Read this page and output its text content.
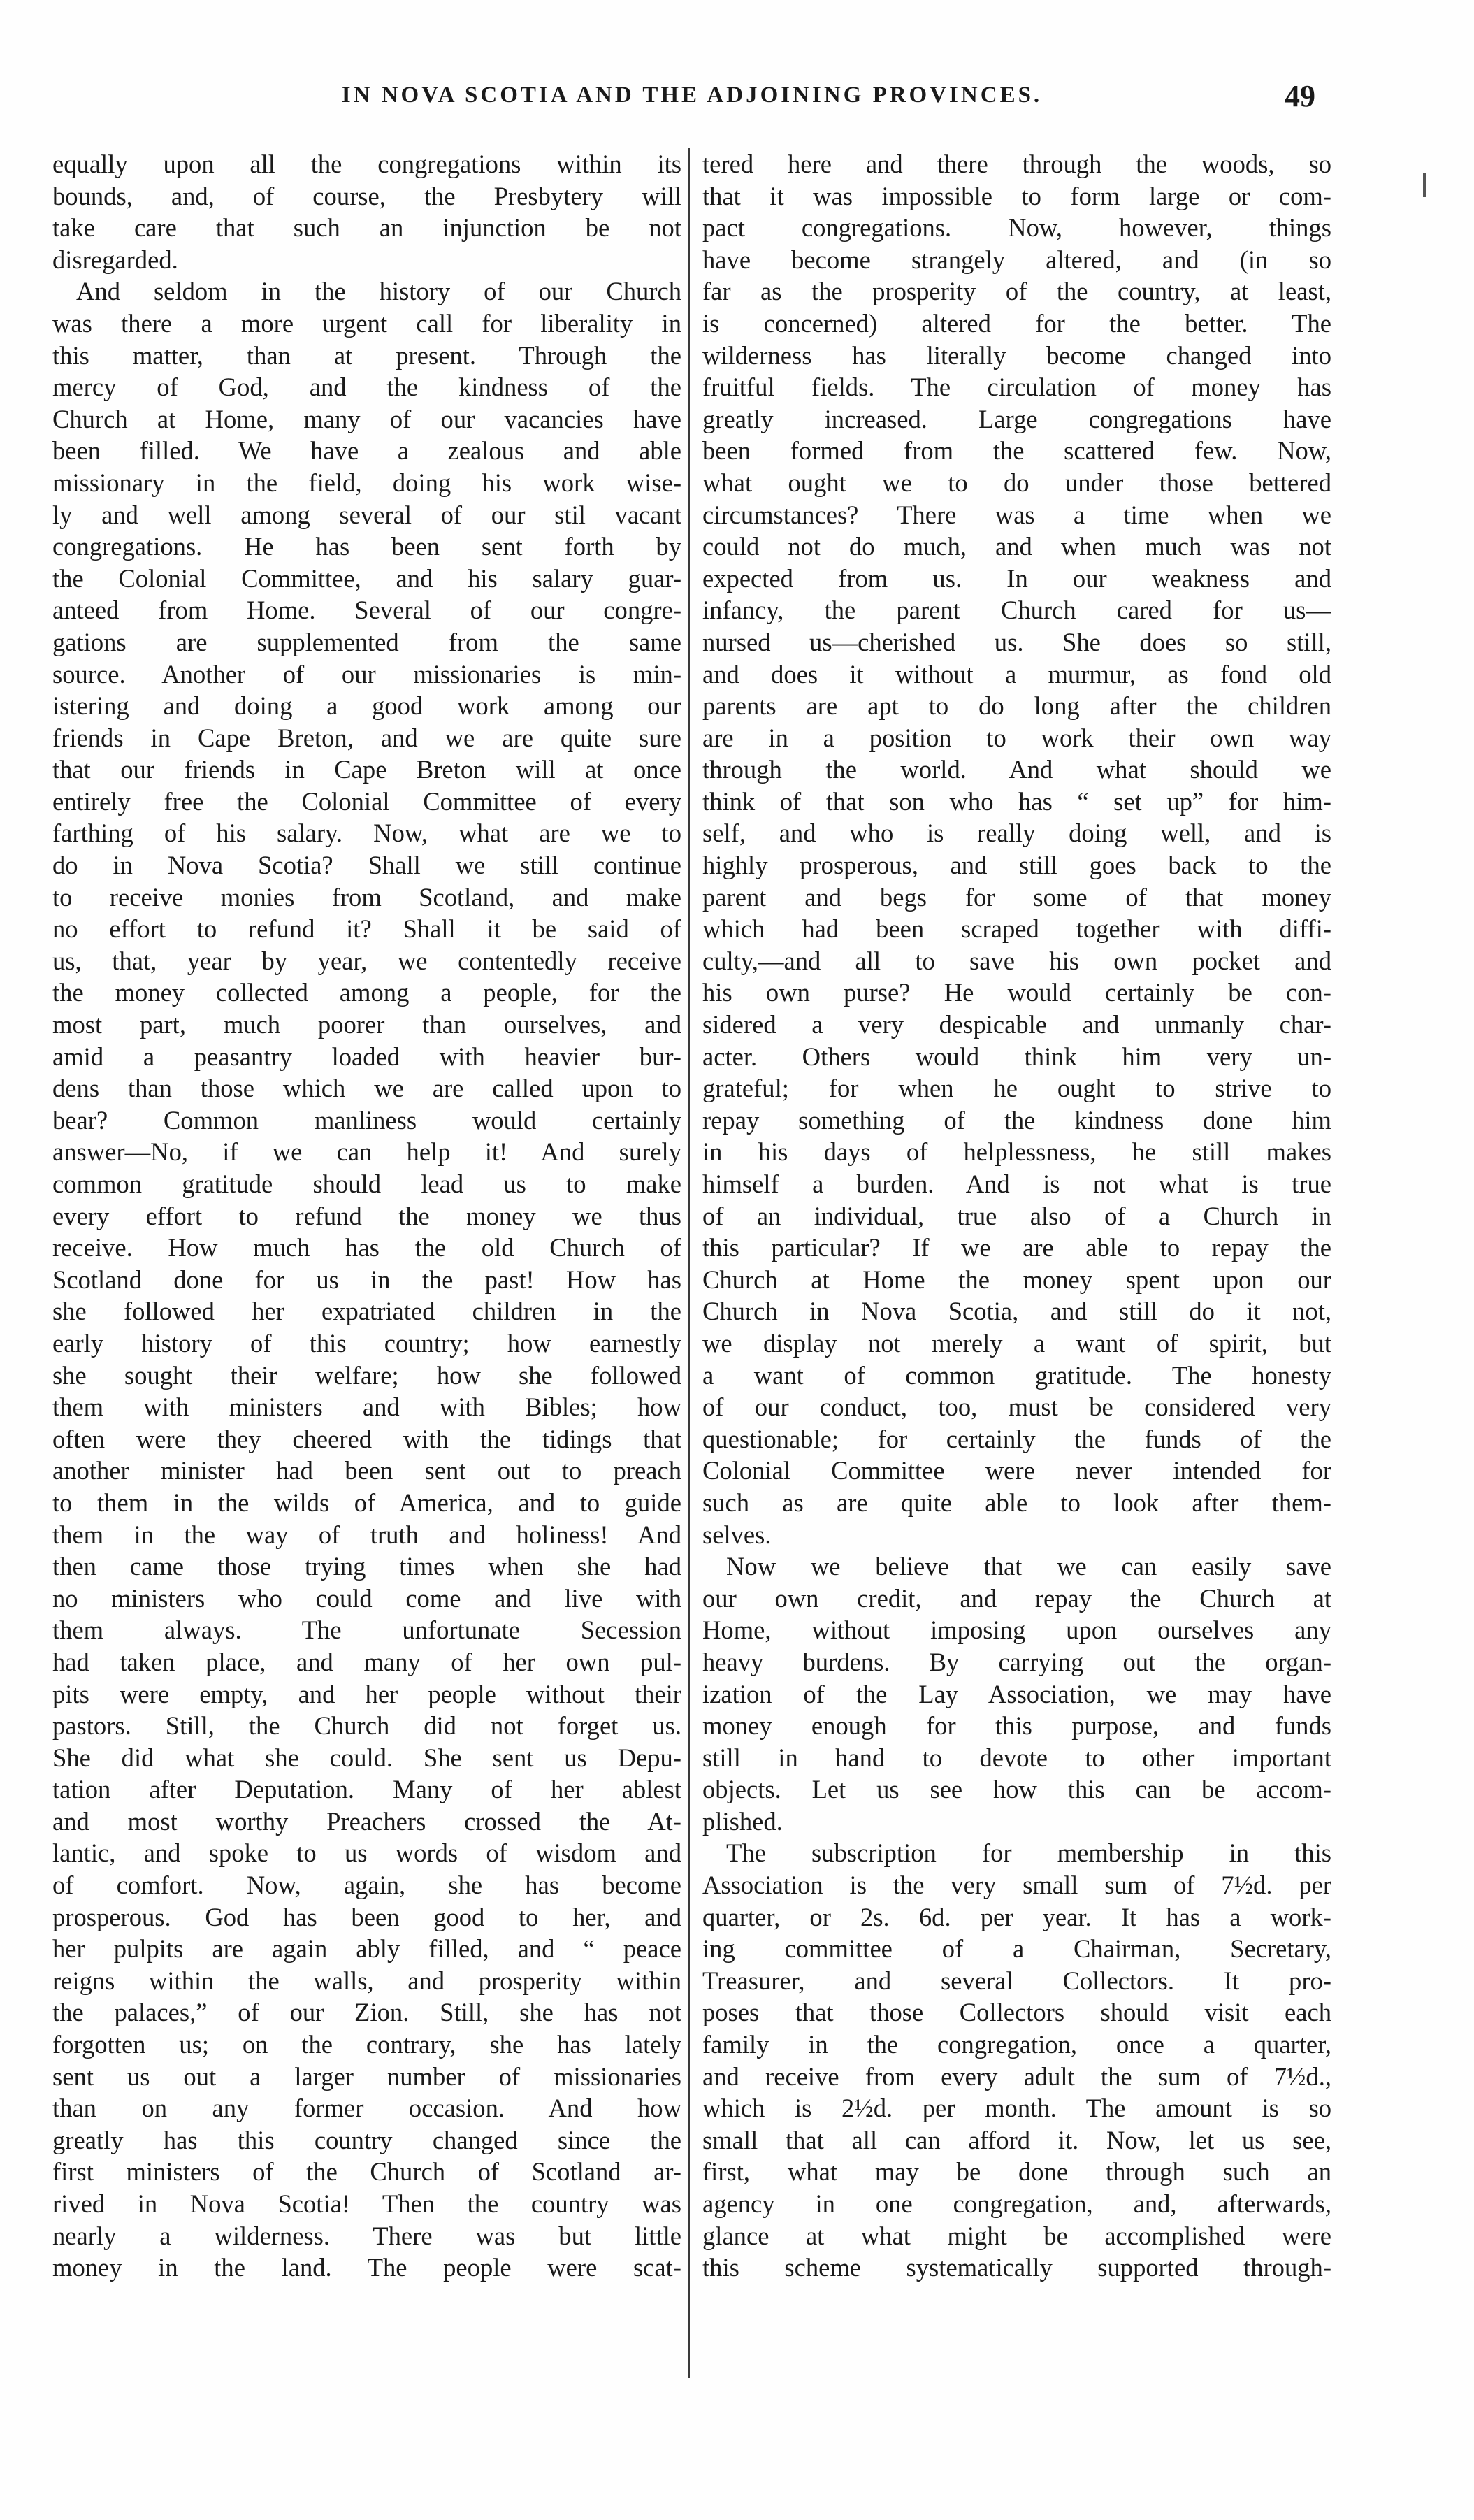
IN NOVA SCOTIA AND THE ADJOINING PROVINCES.	49
equally upon all the congregations within its
bounds, and, of course, the Presbytery will
take care that such an injunction be not
disregarded.
And seldom in the history of our Church
was there a more urgent call for liberality in
this matter, than at present. Through the
mercy of God, and the kindness of the
Church at Home, many of our vacancies have
been filled. We have a zealous and able
missionary in the field, doing his work wise-
ly and well among several of our stil vacant
congregations. He has been sent forth by
the Colonial Committee, and his salary guar-
anteed from Home. Several of our congre-
gations are supplemented from the same
source. Another of our missionaries is min-
istering and doing a good work among our
friends in Cape Breton, and we are quite sure
that our friends in Cape Breton will at once
entirely free the Colonial Committee of every
farthing of his salary. Now, what are we to
do in Nova Scotia? Shall we still continue
to receive monies from Scotland, and make
no effort to refund it? Shall it be said of
us, that, year by year, we contentedly receive
the money collected among a people, for the
most part, much poorer than ourselves, and
amid a peasantry loaded with heavier bur-
dens than those which we are called upon to
bear? Common manliness would certainly
answer—No, if we can help it! And surely
common gratitude should lead us to make
every effort to refund the money we thus
receive. How much has the old Church of
Scotland done for us in the past! How has
she followed her expatriated children in the
early history of this country; how earnestly
she sought their welfare; how she followed
them with ministers and with Bibles; how
often were they cheered with the tidings that
another minister had been sent out to preach
to them in the wilds of America, and to guide
them in the way of truth and holiness! And
then came those trying times when she had
no ministers who could come and live with
them always. The unfortunate Secession
had taken place, and many of her own pul-
pits were empty, and her people without their
pastors. Still, the Church did not forget us.
She did what she could. She sent us Depu-
tation after Deputation. Many of her ablest
and most worthy Preachers crossed the At-
lantic, and spoke to us words of wisdom and
of comfort. Now, again, she has become
prosperous. God has been good to her, and
her pulpits are again ably filled, and “ peace
reigns within the walls, and prosperity within
the palaces,” of our Zion. Still, she has not
forgotten us; on the contrary, she has lately
sent us out a larger number of missionaries
than on any former occasion. And how
greatly has this country changed since the
first ministers of the Church of Scotland ar-
rived in Nova Scotia! Then the country was
nearly a wilderness. There was but little
money in the land. The people were scat-
tered here and there through the woods, so
that it was impossible to form large or com-
pact congregations. Now, however, things
have become strangely altered, and (in so
far as the prosperity of the country, at least,
is concerned) altered for the better. The
wilderness has literally become changed into
fruitful fields. The circulation of money has
greatly increased. Large congregations have
been formed from the scattered few. Now,
what ought we to do under those bettered
circumstances? There was a time when we
could not do much, and when much was not
expected from us. In our weakness and
infancy, the parent Church cared for us—
nursed us—cherished us. She does so still,
and does it without a murmur, as fond old
parents are apt to do long after the children
are in a position to work their own way
through the world. And what should we
think of that son who has “ set up” for him-
self, and who is really doing well, and is
highly prosperous, and still goes back to the
parent and begs for some of that money
which had been scraped together with diffi-
culty,—and all to save his own pocket and
his own purse? He would certainly be con-
sidered a very despicable and unmanly char-
acter. Others would think him very un-
grateful; for when he ought to strive to
repay something of the kindness done him
in his days of helplessness, he still makes
himself a burden. And is not what is true
of an individual, true also of a Church in
this particular? If we are able to repay the
Church at Home the money spent upon our
Church in Nova Scotia, and still do it not,
we display not merely a want of spirit, but
a want of common gratitude. The honesty
of our conduct, too, must be considered very
questionable; for certainly the funds of the
Colonial Committee were never intended for
such as are quite able to look after them-
selves.
Now we believe that we can easily save
our own credit, and repay the Church at
Home, without imposing upon ourselves any
heavy burdens. By carrying out the organ-
ization of the Lay Association, we may have
money enough for this purpose, and funds
still in hand to devote to other important
objects. Let us see how this can be accom-
plished.
The subscription for membership in this
Association is the very small sum of 7½d. per
quarter, or 2s. 6d. per year. It has a work-
ing committee of a Chairman, Secretary,
Treasurer, and several Collectors. It pro-
poses that those Collectors should visit each
family in the congregation, once a quarter,
and receive from every adult the sum of 7½d.,
which is 2½d. per month. The amount is so
small that all can afford it. Now, let us see,
first, what may be done through such an
agency in one congregation, and, afterwards,
glance at what might be accomplished were
this scheme systematically supported through-
